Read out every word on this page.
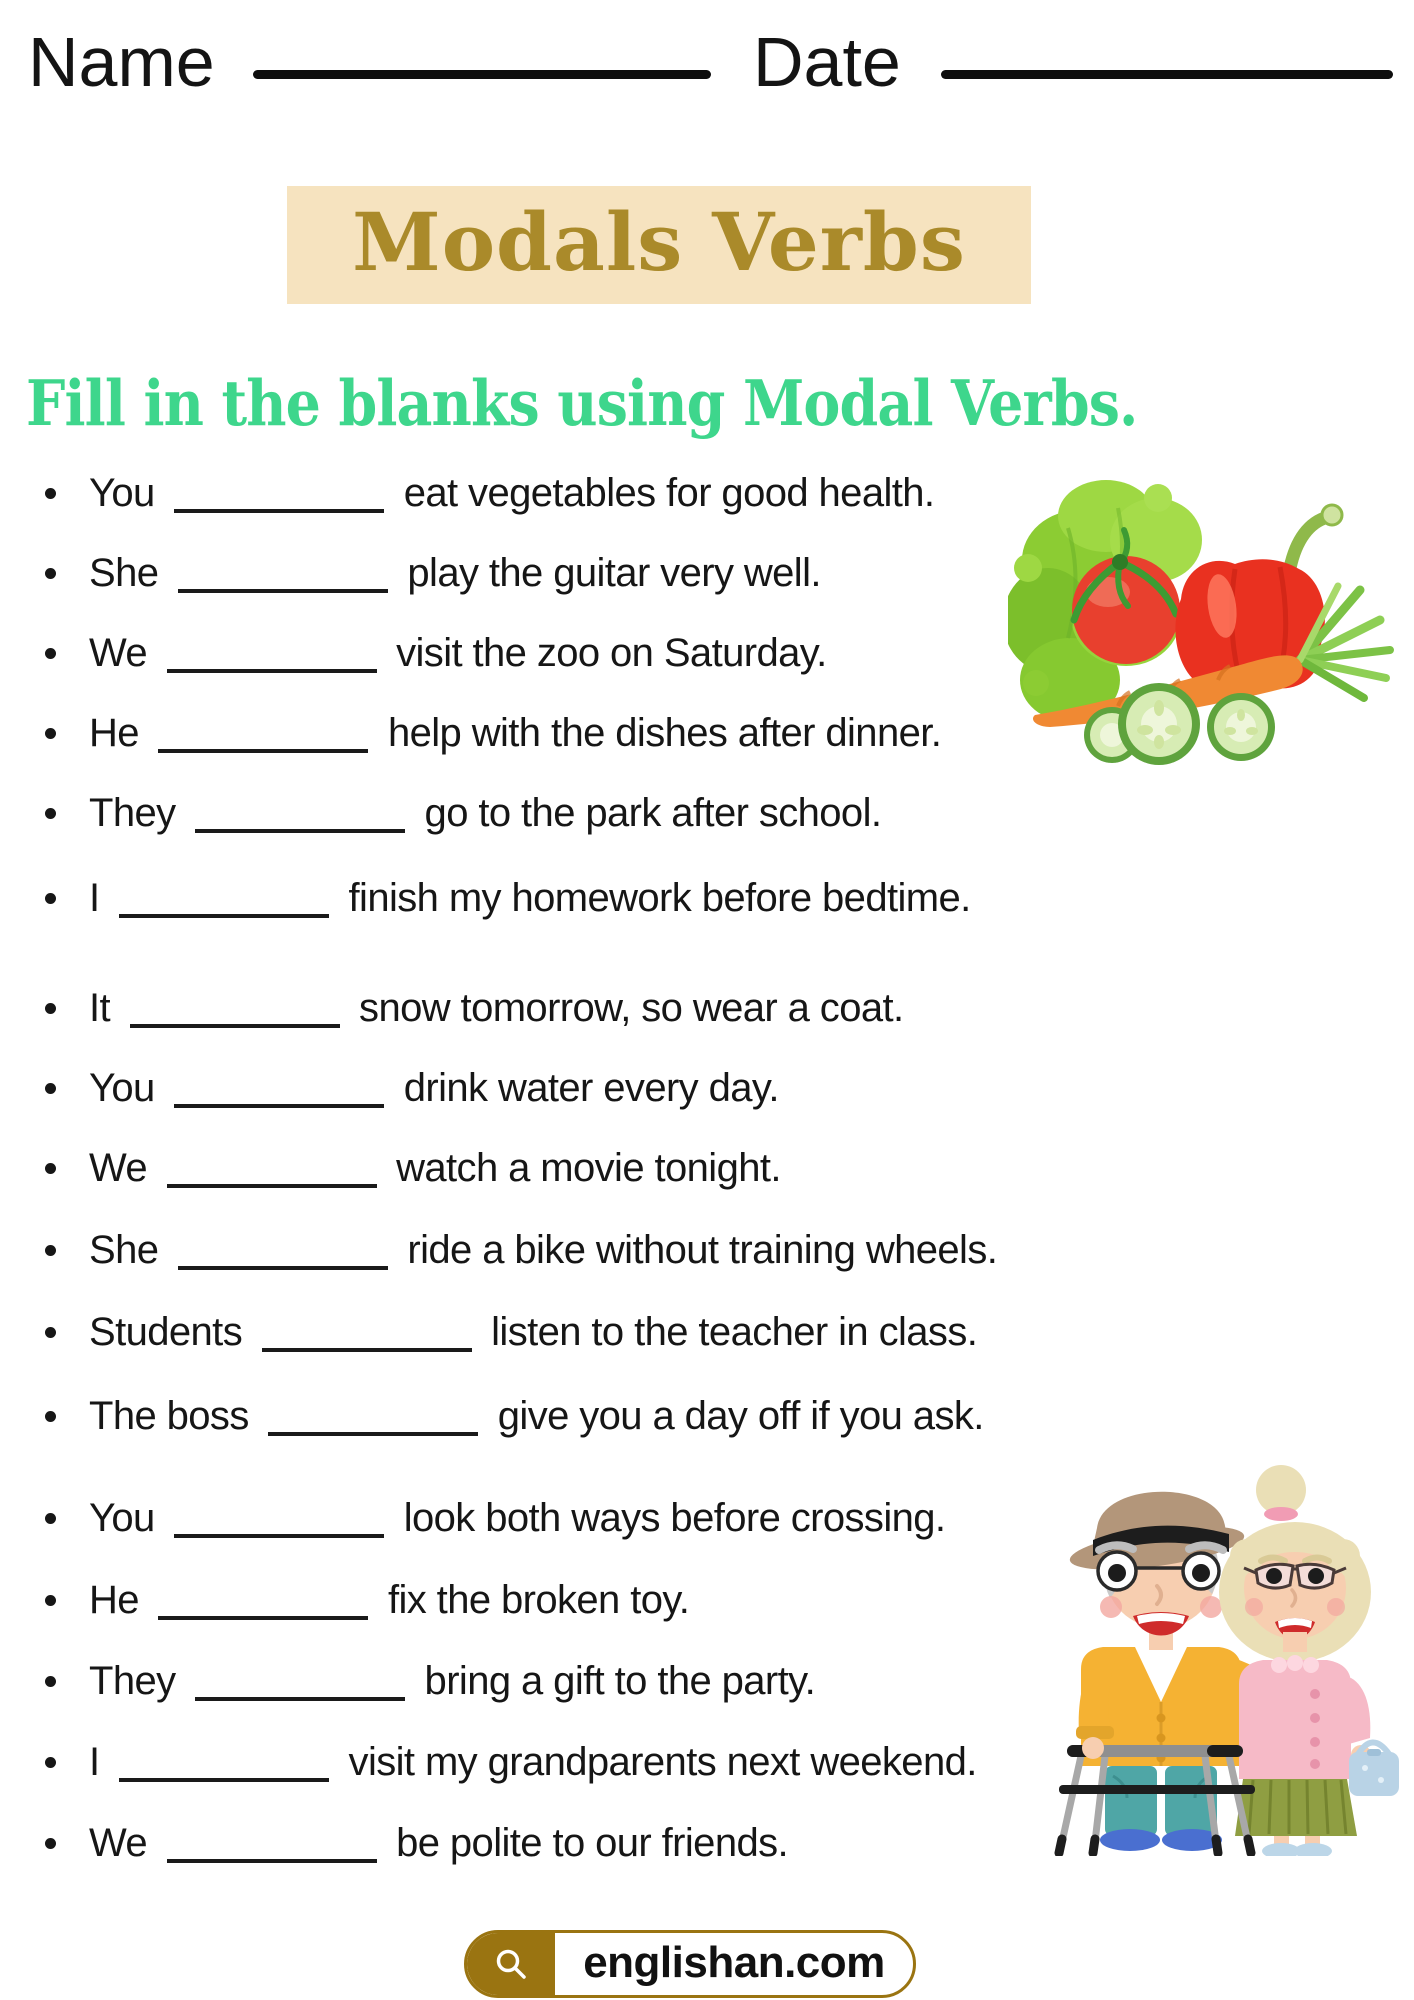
Name	Date
Modals Verbs
Fill in the blanks using Modal Verbs.
You	eat vegetables for good health.
She	play the guitar very well.
We	visit the zoo on Saturday.
He	help with the dishes after dinner.
They	go to the park after school.
I	finish my homework before bedtime.
It	snow tomorrow, so wear a coat.
You	drink water every day.
We	watch a movie tonight.
She	ride a bike without training wheels.
Students	listen to the teacher in class.
The boss	give you a day off if you ask.
You	look both ways before crossing.
He	fix the broken toy.
They	bring a gift to the party.
I	visit my grandparents next weekend.
We	be polite to our friends.
englishan.com
